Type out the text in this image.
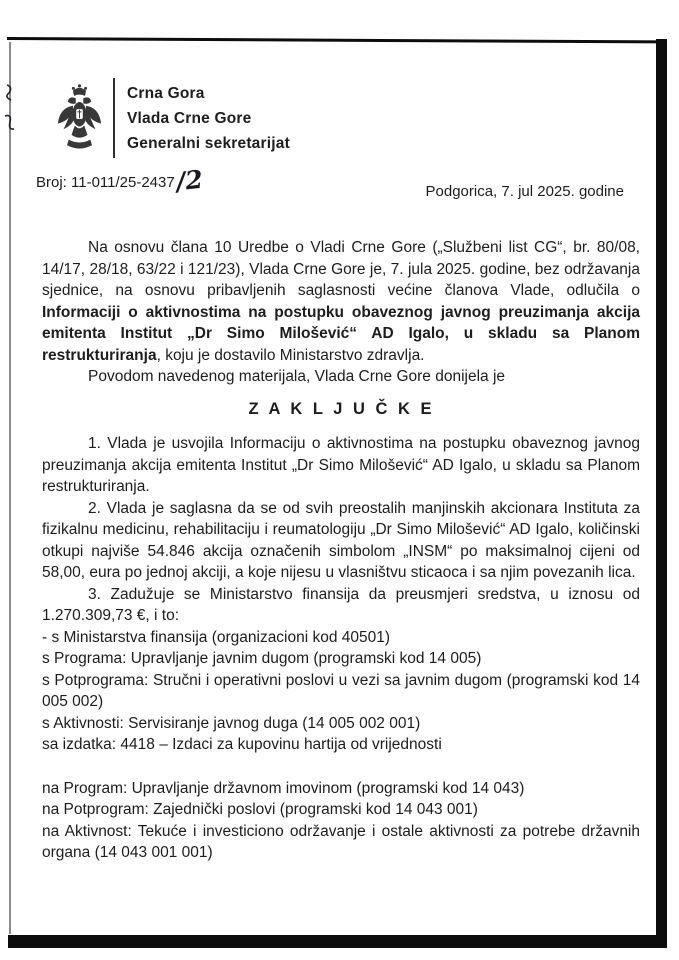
Crna Gora
Vlada Crne Gore
Generalni sekretarijat
Broj: 11-011/25-2437/2	Podgorica, 7. jul 2025. godine

Na osnovu člana 10 Uredbe o Vladi Crne Gore („Službeni list CG“, br. 80/08, 14/17, 28/18, 63/22 i 121/23), Vlada Crne Gore je, 7. jula 2025. godine, bez održavanja sjednice, na osnovu pribavljenih saglasnosti većine članova Vlade, odlučila o Informaciji o aktivnostima na postupku obaveznog javnog preuzimanja akcija emitenta Institut „Dr Simo Milošević“ AD Igalo, u skladu sa Planom restrukturiranja, koju je dostavilo Ministarstvo zdravlja.

Povodom navedenog materijala, Vlada Crne Gore donijela je

Z A K L J U Č K E

1. Vlada je usvojila Informaciju o aktivnostima na postupku obaveznog javnog preuzimanja akcija emitenta Institut „Dr Simo Milošević“ AD Igalo, u skladu sa Planom restrukturiranja.

2. Vlada je saglasna da se od svih preostalih manjinskih akcionara Instituta za fizikalnu medicinu, rehabilitaciju i reumatologiju „Dr Simo Milošević“ AD Igalo, količinski otkupi najviše 54.846 akcija označenih simbolom „INSM“ po maksimalnoj cijeni od 58,00, eura po jednoj akciji, a koje nijesu u vlasništvu sticaoca i sa njim povezanih lica.

3. Zadužuje se Ministarstvo finansija da preusmjeri sredstva, u iznosu od 1.270.309,73 €, i to:

- s Ministarstva finansija (organizacioni kod 40501)

s Programa: Upravljanje javnim dugom (programski kod 14 005)

s Potprograma: Stručni i operativni poslovi u vezi sa javnim dugom (programski kod 14 005 002)

s Aktivnosti: Servisiranje javnog duga (14 005 002 001)

sa izdatka: 4418 – Izdaci za kupovinu hartija od vrijednosti

na Program: Upravljanje državnom imovinom (programski kod 14 043)

na Potprogram: Zajednički poslovi (programski kod 14 043 001)

na Aktivnost: Tekuće i investiciono održavanje i ostale aktivnosti za potrebe državnih organa (14 043 001 001)
